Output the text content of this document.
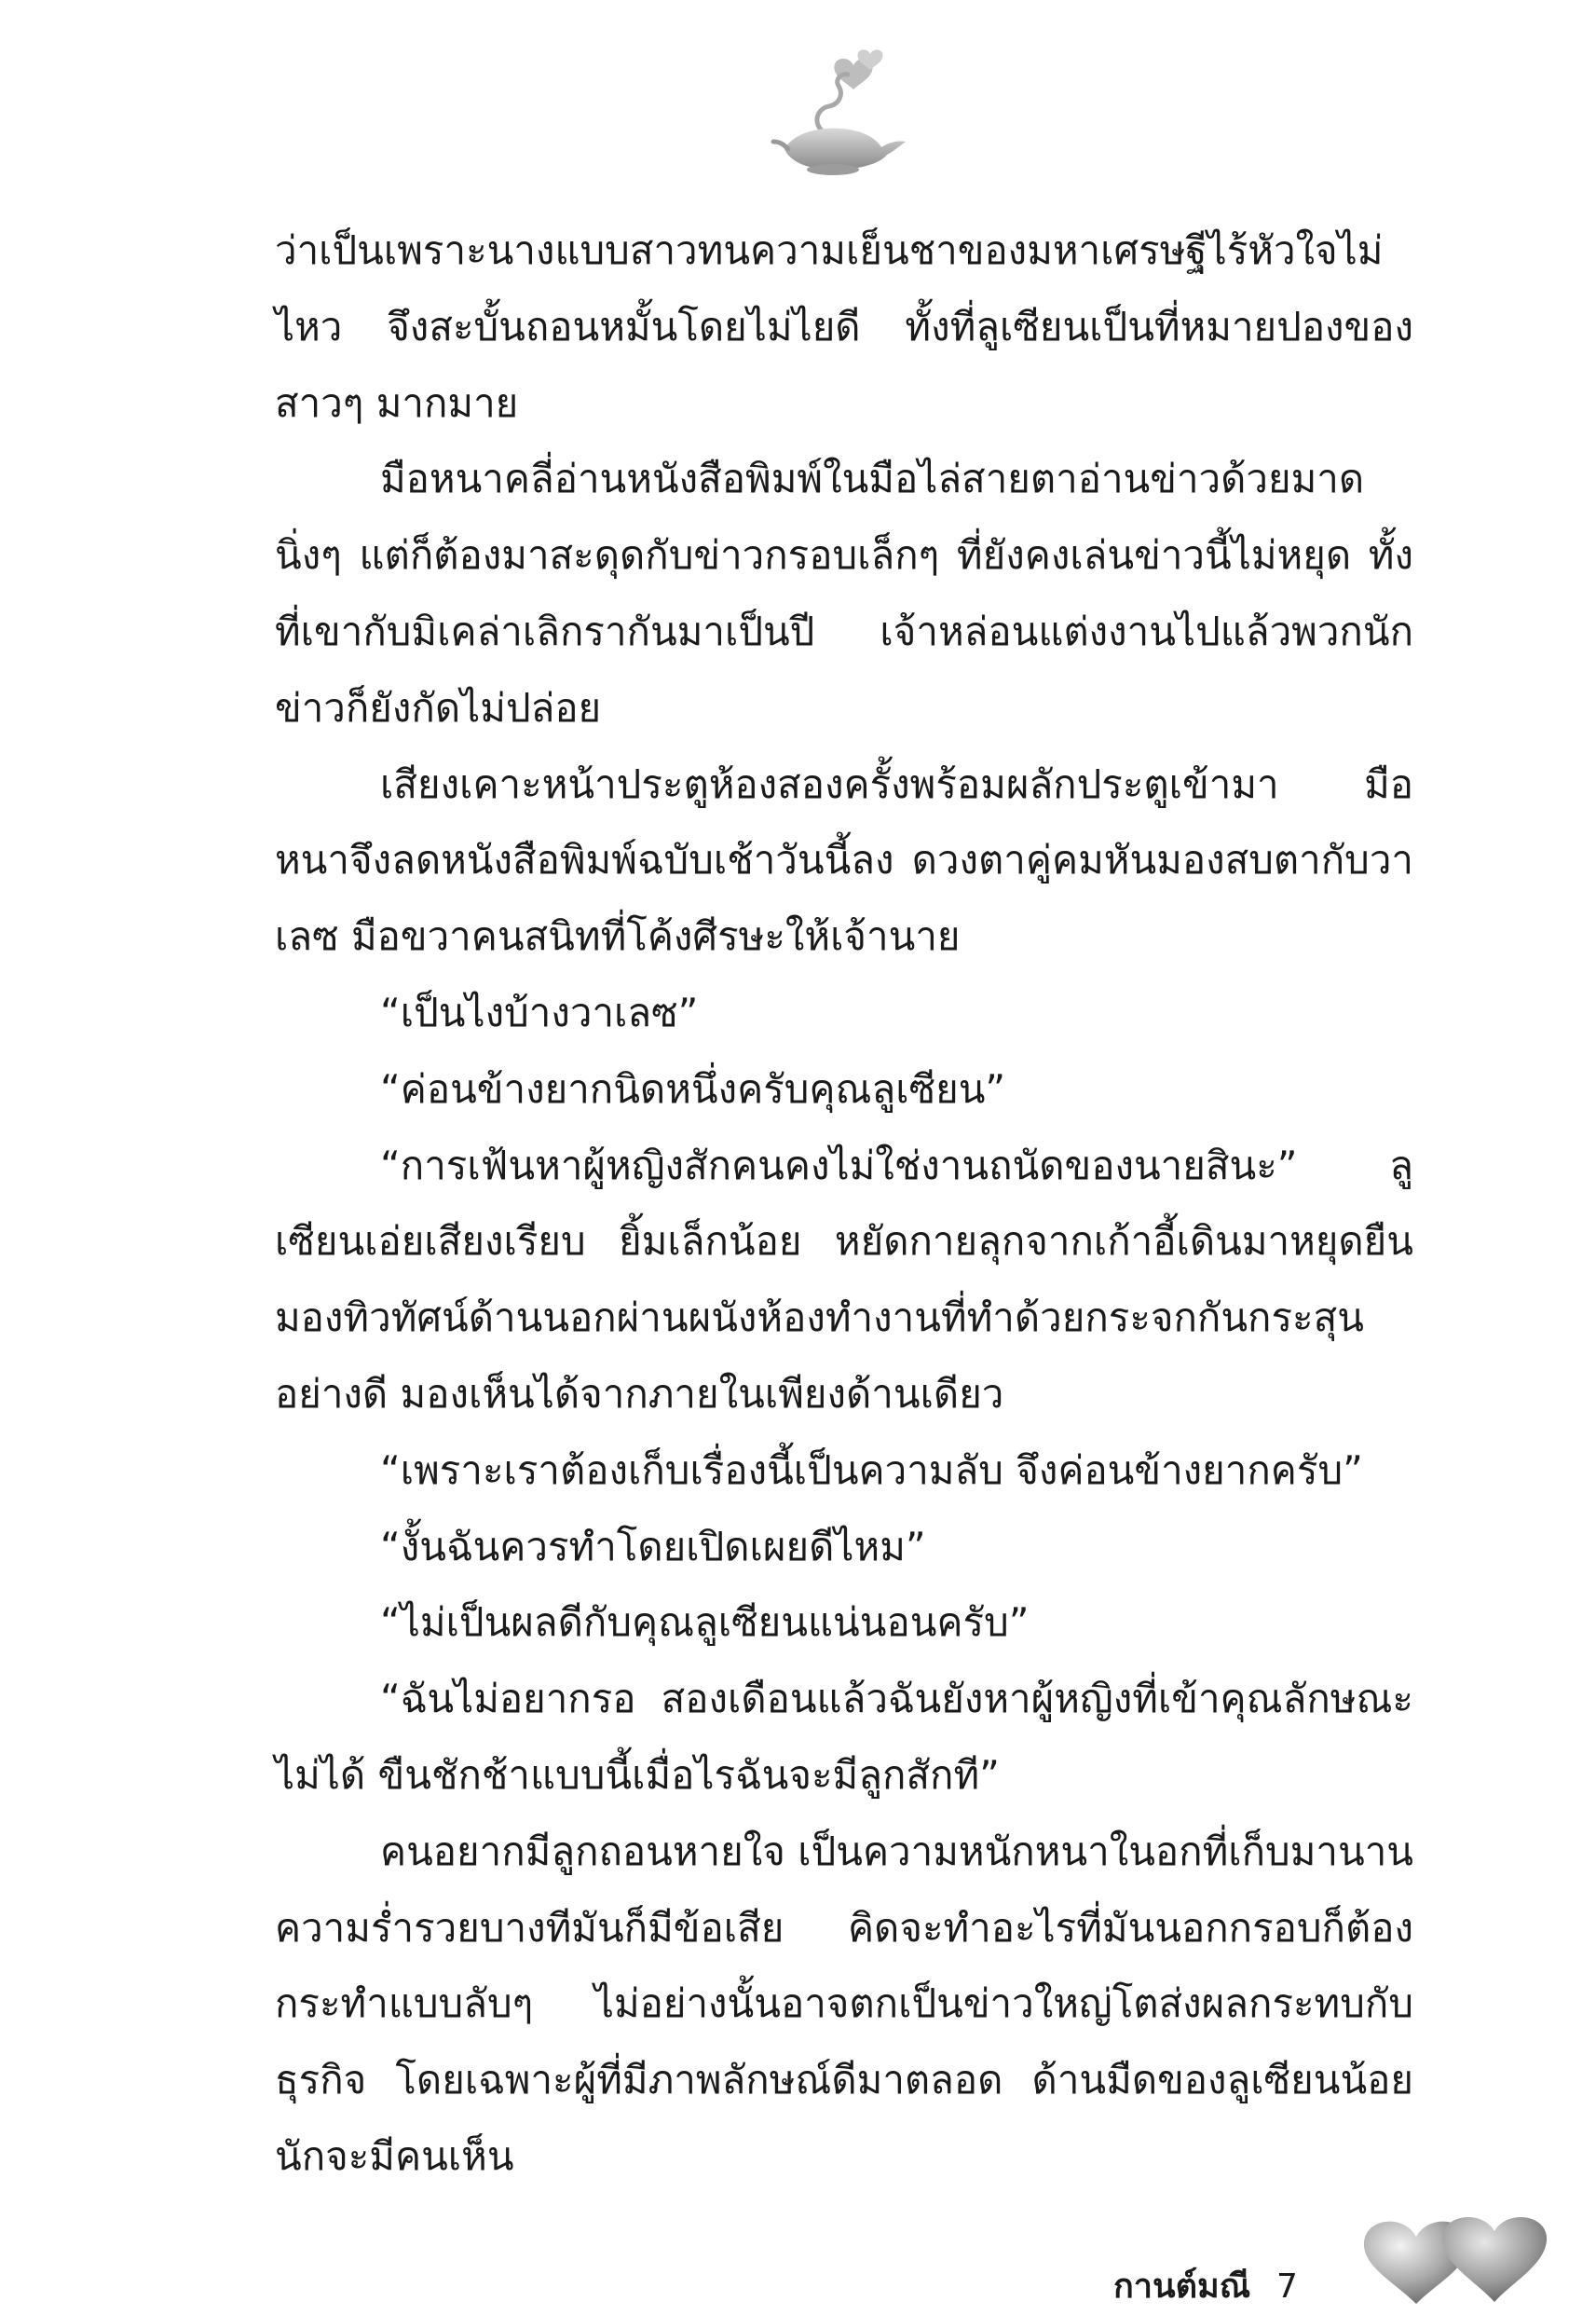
ว่าเป็นเพราะนางแบบสาวทนความเย็นชาของมหาเศรษฐีไร้หัวใจไม่ไหว จึงสะบั้นถอนหมั้นโดยไม่ไยดี ทั้งที่ลูเซียนเป็นที่หมายปองของสาวๆ มากมาย

มือหนาคลี่อ่านหนังสือพิมพ์ในมือไล่สายตาอ่านข่าวด้วยมาดนิ่งๆ แต่ก็ต้องมาสะดุดกับข่าวกรอบเล็กๆ ที่ยังคงเล่นข่าวนี้ไม่หยุด ทั้งที่เขากับมิเคล่าเลิกรากันมาเป็นปี เจ้าหล่อนแต่งงานไปแล้วพวกนักข่าวก็ยังกัดไม่ปล่อย

เสียงเคาะหน้าประตูห้องสองครั้งพร้อมผลักประตูเข้ามา มือหนาจึงลดหนังสือพิมพ์ฉบับเช้าวันนี้ลง ดวงตาคู่คมหันมองสบตากับวาเลซ มือขวาคนสนิทที่โค้งศีรษะให้เจ้านาย

“เป็นไงบ้างวาเลซ”

“ค่อนข้างยากนิดหนึ่งครับคุณลูเซียน”

“การเฟ้นหาผู้หญิงสักคนคงไม่ใช่งานถนัดของนายสินะ” ลูเซียนเอ่ยเสียงเรียบ ยิ้มเล็กน้อย หยัดกายลุกจากเก้าอี้เดินมาหยุดยืนมองทิวทัศน์ด้านนอกผ่านผนังห้องทำงานที่ทำด้วยกระจกกันกระสุนอย่างดี มองเห็นได้จากภายในเพียงด้านเดียว

“เพราะเราต้องเก็บเรื่องนี้เป็นความลับ จึงค่อนข้างยากครับ”

“งั้นฉันควรทำโดยเปิดเผยดีไหม”

“ไม่เป็นผลดีกับคุณลูเซียนแน่นอนครับ”

“ฉันไม่อยากรอ สองเดือนแล้วฉันยังหาผู้หญิงที่เข้าคุณลักษณะไม่ได้ ขืนชักช้าแบบนี้เมื่อไรฉันจะมีลูกสักที”

คนอยากมีลูกถอนหายใจ เป็นความหนักหนาในอกที่เก็บมานาน ความร่ำรวยบางทีมันก็มีข้อเสีย คิดจะทำอะไรที่มันนอกกรอบก็ต้องกระทำแบบลับๆ ไม่อย่างนั้นอาจตกเป็นข่าวใหญ่โตส่งผลกระทบกับธุรกิจ โดยเฉพาะผู้ที่มีภาพลักษณ์ดีมาตลอด ด้านมืดของลูเซียนน้อยนักจะมีคนเห็น

กานต์มณี 7
